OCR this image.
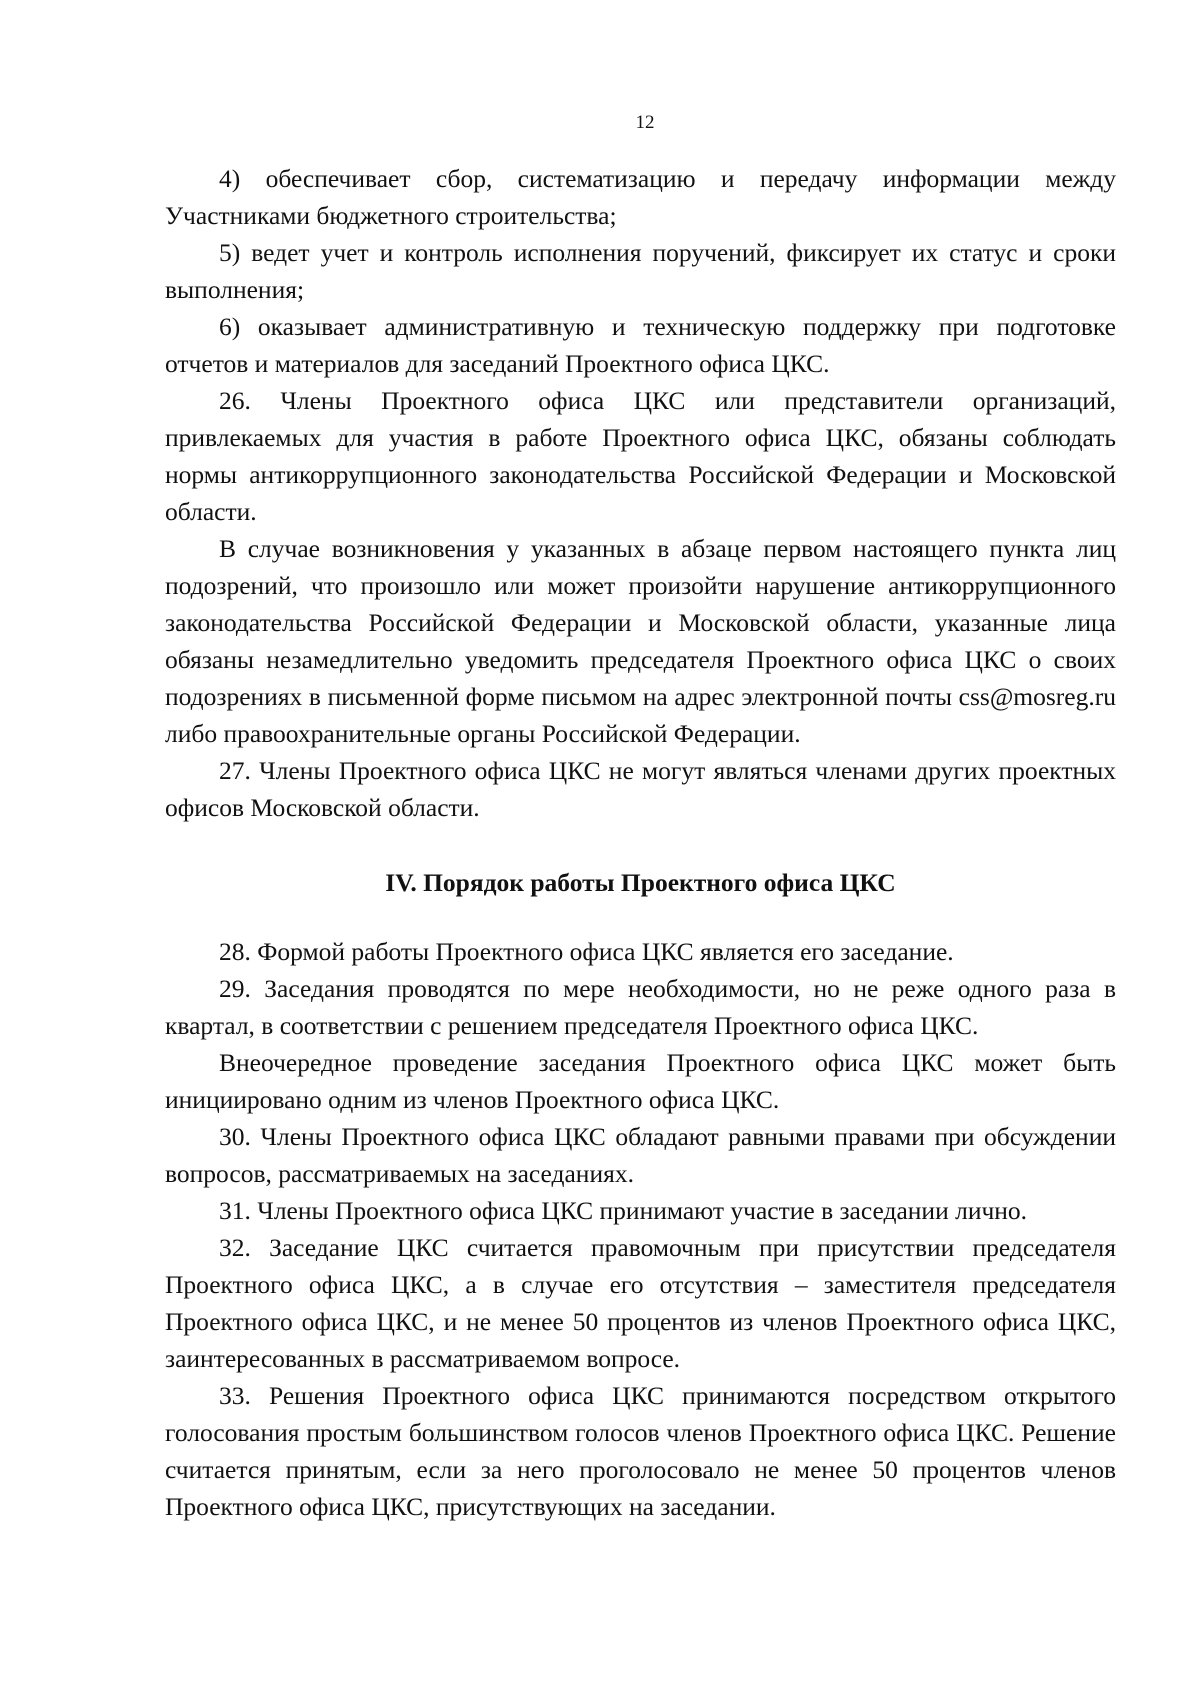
12

4) обеспечивает сбор, систематизацию и передачу информации между Участниками бюджетного строительства;

5) ведет учет и контроль исполнения поручений, фиксирует их статус и сроки выполнения;

6) оказывает административную и техническую поддержку при подготовке отчетов и материалов для заседаний Проектного офиса ЦКС.

26. Члены Проектного офиса ЦКС или представители организаций, привлекаемых для участия в работе Проектного офиса ЦКС, обязаны соблюдать нормы антикоррупционного законодательства Российской Федерации и Московской области.

В случае возникновения у указанных в абзаце первом настоящего пункта лиц подозрений, что произошло или может произойти нарушение антикоррупционного законодательства Российской Федерации и Московской области, указанные лица обязаны незамедлительно уведомить председателя Проектного офиса ЦКС о своих подозрениях в письменной форме письмом на адрес электронной почты css@mosreg.ru либо правоохранительные органы Российской Федерации.

27. Члены Проектного офиса ЦКС не могут являться членами других проектных офисов Московской области.

IV. Порядок работы Проектного офиса ЦКС

28. Формой работы Проектного офиса ЦКС является его заседание.

29. Заседания проводятся по мере необходимости, но не реже одного раза в квартал, в соответствии с решением председателя Проектного офиса ЦКС.

Внеочередное проведение заседания Проектного офиса ЦКС может быть инициировано одним из членов Проектного офиса ЦКС.

30. Члены Проектного офиса ЦКС обладают равными правами при обсуждении вопросов, рассматриваемых на заседаниях.

31. Члены Проектного офиса ЦКС принимают участие в заседании лично.

32. Заседание ЦКС считается правомочным при присутствии председателя Проектного офиса ЦКС, а в случае его отсутствия – заместителя председателя Проектного офиса ЦКС, и не менее 50 процентов из членов Проектного офиса ЦКС, заинтересованных в рассматриваемом вопросе.

33. Решения Проектного офиса ЦКС принимаются посредством открытого голосования простым большинством голосов членов Проектного офиса ЦКС. Решение считается принятым, если за него проголосовало не менее 50 процентов членов Проектного офиса ЦКС, присутствующих на заседании.
